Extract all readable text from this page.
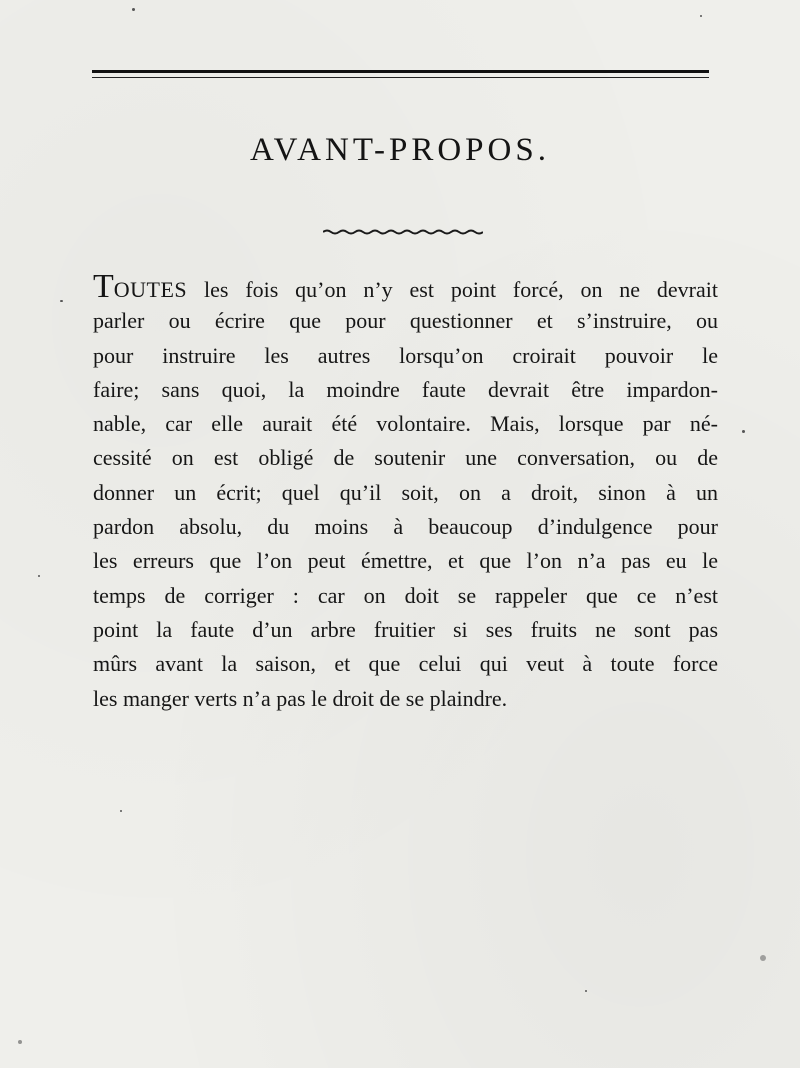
AVANT-PROPOS.
TOUTES les fois qu’on n’y est point forcé, on ne devrait
parler ou écrire que pour questionner et s’instruire, ou
pour instruire les autres lorsqu’on croirait pouvoir le
faire; sans quoi, la moindre faute devrait être impardon-
nable, car elle aurait été volontaire. Mais, lorsque par né-
cessité on est obligé de soutenir une conversation, ou de
donner un écrit; quel qu’il soit, on a droit, sinon à un
pardon absolu, du moins à beaucoup d’indulgence pour
les erreurs que l’on peut émettre, et que l’on n’a pas eu le
temps de corriger : car on doit se rappeler que ce n’est
point la faute d’un arbre fruitier si ses fruits ne sont pas
mûrs avant la saison, et que celui qui veut à toute force
les manger verts n’a pas le droit de se plaindre.
